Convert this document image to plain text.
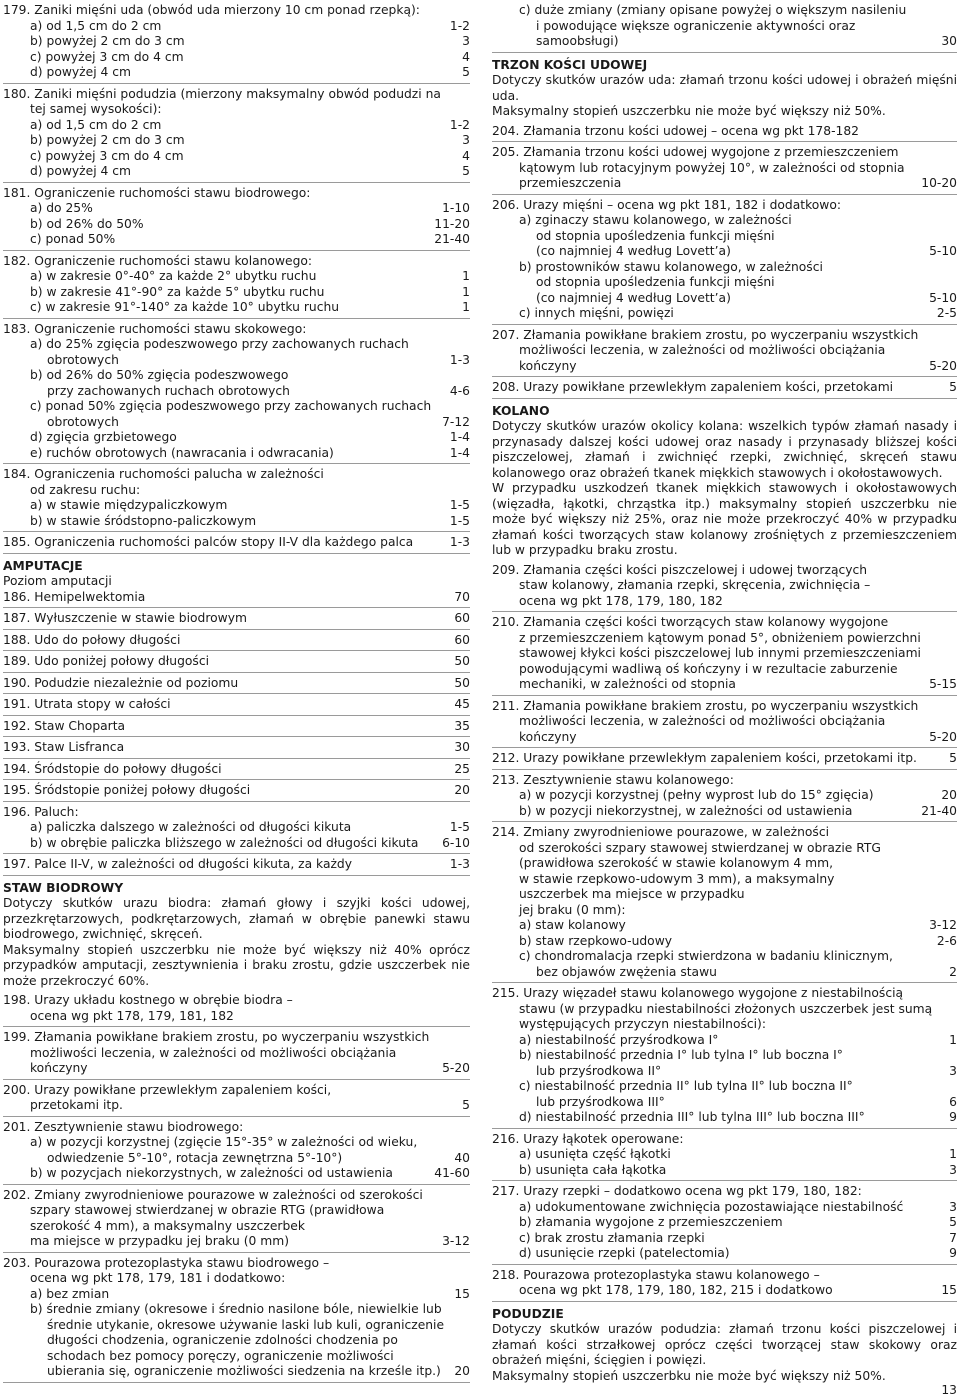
179. Zaniki mięśni uda (obwód uda mierzony 10 cm ponad rzepką):
a) od 1,5 cm do 2 cm	1-2
b) powyżej 2 cm do 3 cm	3
c) powyżej 3 cm do 4 cm	4
d) powyżej 4 cm	5
180. Zaniki mięśni podudzia (mierzony maksymalny obwód podudzi na
tej samej wysokości):
a) od 1,5 cm do 2 cm	1-2
b) powyżej 2 cm do 3 cm	3
c) powyżej 3 cm do 4 cm	4
d) powyżej 4 cm	5
181. Ograniczenie ruchomości stawu biodrowego:
a) do 25%	1-10
b) od 26% do 50%	11-20
c) ponad 50%	21-40
182. Ograniczenie ruchomości stawu kolanowego:
a) w zakresie 0°-40° za każde 2° ubytku ruchu	1
b) w zakresie 41°-90° za każde 5° ubytku ruchu	1
c) w zakresie 91°-140° za każde 10° ubytku ruchu	1
183. Ograniczenie ruchomości stawu skokowego:
a) do 25% zgięcia podeszwowego przy zachowanych ruchach
obrotowych	1-3
b) od 26% do 50% zgięcia podeszwowego
przy zachowanych ruchach obrotowych	4-6
c) ponad 50% zgięcia podeszwowego przy zachowanych ruchach
obrotowych	7-12
d) zgięcia grzbietowego	1-4
e) ruchów obrotowych (nawracania i odwracania)	1-4
184. Ograniczenia ruchomości palucha w zależności
od zakresu ruchu:
a) w stawie międzypaliczkowym	1-5
b) w stawie śródstopno-paliczkowym	1-5
185. Ograniczenia ruchomości palców stopy II-V dla każdego palca	1-3
AMPUTACJE
Poziom amputacji
186. Hemipelwektomia	70
187. Wyłuszczenie w stawie biodrowym	60
188. Udo do połowy długości	60
189. Udo poniżej połowy długości	50
190. Podudzie niezależnie od poziomu	50
191. Utrata stopy w całości	45
192. Staw Choparta	35
193. Staw Lisfranca	30
194. Śródstopie do połowy długości	25
195. Śródstopie poniżej połowy długości	20
196. Paluch:
a) paliczka dalszego w zależności od długości kikuta	1-5
b) w obrębie paliczka bliższego w zależności od długości kikuta	6-10
197. Palce II-V, w zależności od długości kikuta, za każdy	1-3
STAW BIODROWY

Dotyczy skutków urazu biodra: złamań głowy i szyjki kości udowej, przezkrętarzowych, podkrętarzowych, złamań w obrębie panewki stawu biodrowego, zwichnięć, skręceń.

Maksymalny stopień uszczerbku nie może być większy niż 40% oprócz przypadków amputacji, zesztywnienia i braku zrostu, gdzie uszczerbek nie może przekroczyć 60%.

198. Urazy układu kostnego w obrębie biodra –
ocena wg pkt 178, 179, 181, 182
199. Złamania powikłane brakiem zrostu, po wyczerpaniu wszystkich
możliwości leczenia, w zależności od możliwości obciążania
kończyny	5-20
200. Urazy powikłane przewlekłym zapaleniem kości,
przetokami itp.	5
201. Zesztywnienie stawu biodrowego:
a) w pozycji korzystnej (zgięcie 15°-35° w zależności od wieku,
odwiedzenie 5°-10°, rotacja zewnętrzna 5°-10°)	40
b) w pozycjach niekorzystnych, w zależności od ustawienia	41-60
202. Zmiany zwyrodnieniowe pourazowe w zależności od szerokości
szpary stawowej stwierdzanej w obrazie RTG (prawidłowa
szerokość 4 mm), a maksymalny uszczerbek
ma miejsce w przypadku jej braku (0 mm)	3-12
203. Pourazowa protezoplastyka stawu biodrowego –
ocena wg pkt 178, 179, 181 i dodatkowo:
a) bez zmian	15
b) średnie zmiany (okresowe i średnio nasilone bóle, niewielkie lub
średnie utykanie, okresowe używanie laski lub kuli, ograniczenie
długości chodzenia, ograniczenie zdolności chodzenia po
schodach bez pomocy poręczy, ograniczenie możliwości
ubierania się, ograniczenie możliwości siedzenia na krześle itp.)	20
c) duże zmiany (zmiany opisane powyżej o większym nasileniu
i powodujące większe ograniczenie aktywności oraz
samoobsługi)	30
TRZON KOŚCI UDOWEJ

Dotyczy skutków urazów uda: złamań trzonu kości udowej i obrażeń mięśni uda.

Maksymalny stopień uszczerbku nie może być większy niż 50%.

204. Złamania trzonu kości udowej – ocena wg pkt 178-182
205. Złamania trzonu kości udowej wygojone z przemieszczeniem
kątowym lub rotacyjnym powyżej 10°, w zależności od stopnia
przemieszczenia	10-20
206. Urazy mięśni – ocena wg pkt 181, 182 i dodatkowo:
a) zginaczy stawu kolanowego, w zależności
od stopnia upośledzenia funkcji mięśni
(co najmniej 4 według Lovett’a)	5-10
b) prostowników stawu kolanowego, w zależności
od stopnia upośledzenia funkcji mięśni
(co najmniej 4 według Lovett’a)	5-10
c) innych mięśni, powięzi	2-5
207. Złamania powikłane brakiem zrostu, po wyczerpaniu wszystkich
możliwości leczenia, w zależności od możliwości obciążania
kończyny	5-20
208. Urazy powikłane przewlekłym zapaleniem kości, przetokami	5
KOLANO

Dotyczy skutków urazów okolicy kolana: wszelkich typów złamań nasady i przynasady dalszej kości udowej oraz nasady i przynasady bliższej kości piszczelowej, złamań i zwichnięć rzepki, zwichnięć, skręceń stawu kolanowego oraz obrażeń tkanek miękkich stawowych i okołostawowych.

W przypadku uszkodzeń tkanek miękkich stawowych i okołostawowych (więzadła, łąkotki, chrząstka itp.) maksymalny stopień uszczerbku nie może być większy niż 25%, oraz nie może przekroczyć 40% w przypadku złamań kości tworzących staw kolanowy zrośniętych z przemieszczeniem lub w przypadku braku zrostu.

209. Złamania części kości piszczelowej i udowej tworzących
staw kolanowy, złamania rzepki, skręcenia, zwichnięcia –
ocena wg pkt 178, 179, 180, 182
210. Złamania części kości tworzących staw kolanowy wygojone
z przemieszczeniem kątowym ponad 5°, obniżeniem powierzchni
stawowej kłykci kości piszczelowej lub innymi przemieszczeniami
powodującymi wadliwą oś kończyny i w rezultacie zaburzenie
mechaniki, w zależności od stopnia	5-15
211. Złamania powikłane brakiem zrostu, po wyczerpaniu wszystkich
możliwości leczenia, w zależności od możliwości obciążania
kończyny	5-20
212. Urazy powikłane przewlekłym zapaleniem kości, przetokami itp.	5
213. Zesztywnienie stawu kolanowego:
a) w pozycji korzystnej (pełny wyprost lub do 15° zgięcia)	20
b) w pozycji niekorzystnej, w zależności od ustawienia	21-40
214. Zmiany zwyrodnieniowe pourazowe, w zależności
od szerokości szpary stawowej stwierdzanej w obrazie RTG
(prawidłowa szerokość w stawie kolanowym 4 mm,
w stawie rzepkowo-udowym 3 mm), a maksymalny
uszczerbek ma miejsce w przypadku
jej braku (0 mm):
a) staw kolanowy	3-12
b) staw rzepkowo-udowy	2-6
c) chondromalacja rzepki stwierdzona w badaniu klinicznym,
bez objawów zwężenia stawu	2
215. Urazy więzadeł stawu kolanowego wygojone z niestabilnością
stawu (w przypadku niestabilności złożonych uszczerbek jest sumą
występujących przyczyn niestabilności):
a) niestabilność przyśrodkowa I°	1
b) niestabilność przednia I° lub tylna I° lub boczna I°
lub przyśrodkowa II°	3
c) niestabilność przednia II° lub tylna II° lub boczna II°
lub przyśrodkowa III°	6
d) niestabilność przednia III° lub tylna III° lub boczna III°	9
216. Urazy łąkotek operowane:
a) usunięta część łąkotki	1
b) usunięta cała łąkotka	3
217. Urazy rzepki – dodatkowo ocena wg pkt 179, 180, 182:
a) udokumentowane zwichnięcia pozostawiające niestabilność	3
b) złamania wygojone z przemieszczeniem	5
c) brak zrostu złamania rzepki	7
d) usunięcie rzepki (patelectomia)	9
218. Pourazowa protezoplastyka stawu kolanowego –
ocena wg pkt 178, 179, 180, 182, 215 i dodatkowo	15
PODUDZIE

Dotyczy skutków urazów podudzia: złamań trzonu kości piszczelowej i złamań kości strzałkowej oprócz części tworzącej staw skokowy oraz obrażeń mięśni, ścięgien i powięzi.

Maksymalny stopień uszczerbku nie może być większy niż 50%.

13
